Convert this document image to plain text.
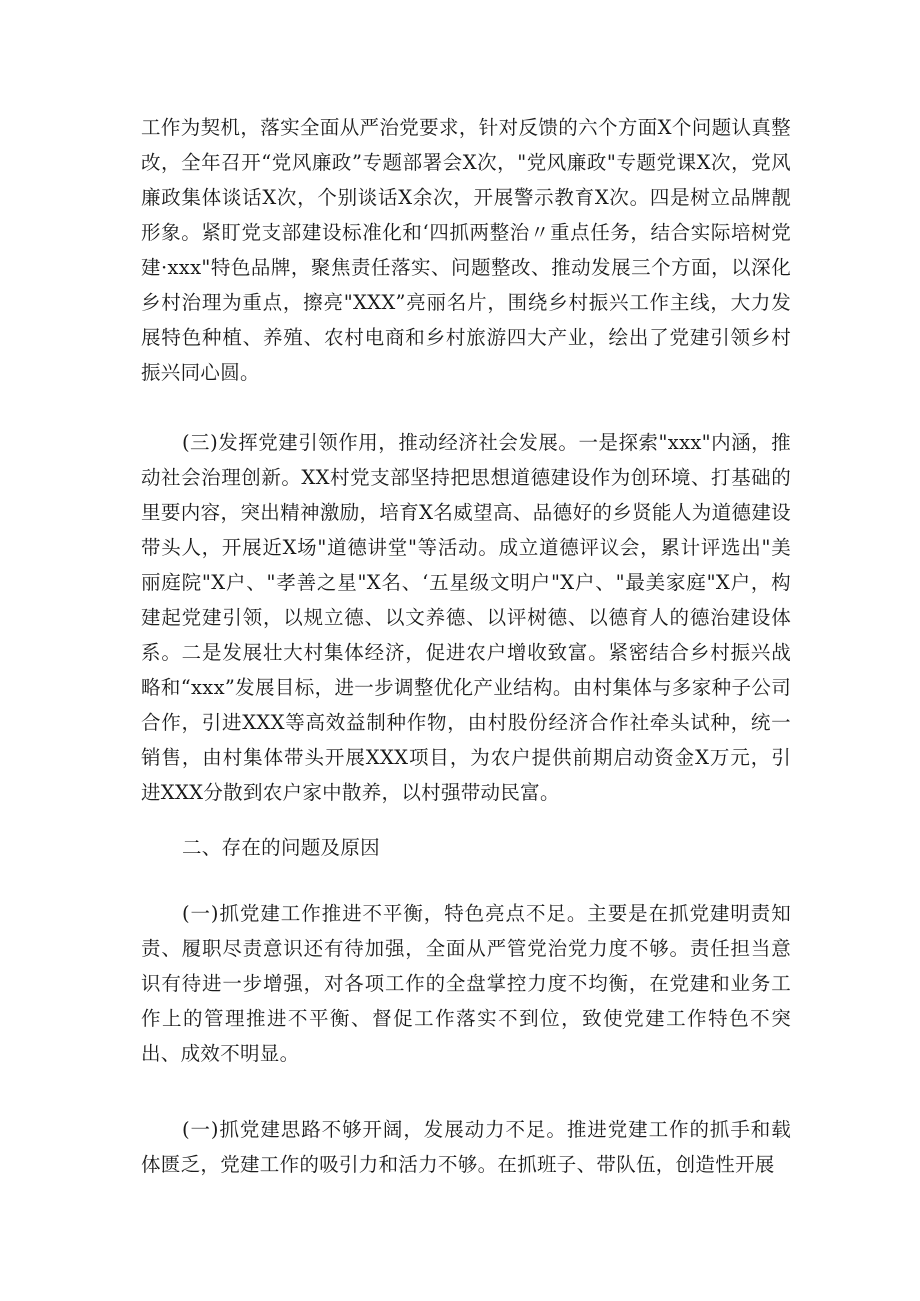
工作为契机，落实全面从严治党要求，针对反馈的六个方面X个问题认真整改，全年召开“党风廉政”专题部署会X次，"党风廉政"专题党课X次，党风廉政集体谈话X次，个别谈话X余次，开展警示教育X次。四是树立品牌靓形象。紧盯党支部建设标准化和‘四抓两整治〃重点任务，结合实际培树党建·xxx"特色品牌，聚焦责任落实、问题整改、推动发展三个方面，以深化乡村治理为重点，擦亮"XXX”亮丽名片，围绕乡村振兴工作主线，大力发展特色种植、养殖、农村电商和乡村旅游四大产业，绘出了党建引领乡村振兴同心圆。

(三)发挥党建引领作用，推动经济社会发展。一是探索"xxx"内涵，推动社会治理创新。XX村党支部坚持把思想道德建设作为创环境、打基础的里要内容，突出精神激励，培育X名威望高、品德好的乡贤能人为道德建设带头人，开展近X场"道德讲堂"等活动。成立道德评议会，累计评选出"美丽庭院"X户、"孝善之星"X名、‘五星级文明户"X户、"最美家庭"X户，构建起党建引领，以规立德、以文养德、以评树德、以德育人的德治建设体系。二是发展壮大村集体经济，促进农户增收致富。紧密结合乡村振兴战略和“xxx”发展目标，进一步调整优化产业结构。由村集体与多家种子公司合作，引进XXX等高效益制种作物，由村股份经济合作社牵头试种，统一销售，由村集体带头开展XXX项目，为农户提供前期启动资金X万元，引进XXX分散到农户家中散养，以村强带动民富。

二、存在的问题及原因

(一)抓党建工作推进不平衡，特色亮点不足。主要是在抓党建明责知责、履职尽责意识还有待加强，全面从严管党治党力度不够。责任担当意识有待进一步增强，对各项工作的全盘掌控力度不均衡，在党建和业务工作上的管理推进不平衡、督促工作落实不到位，致使党建工作特色不突出、成效不明显。

(一)抓党建思路不够开阔，发展动力不足。推进党建工作的抓手和载体匮乏，党建工作的吸引力和活力不够。在抓班子、带队伍，创造性开展
